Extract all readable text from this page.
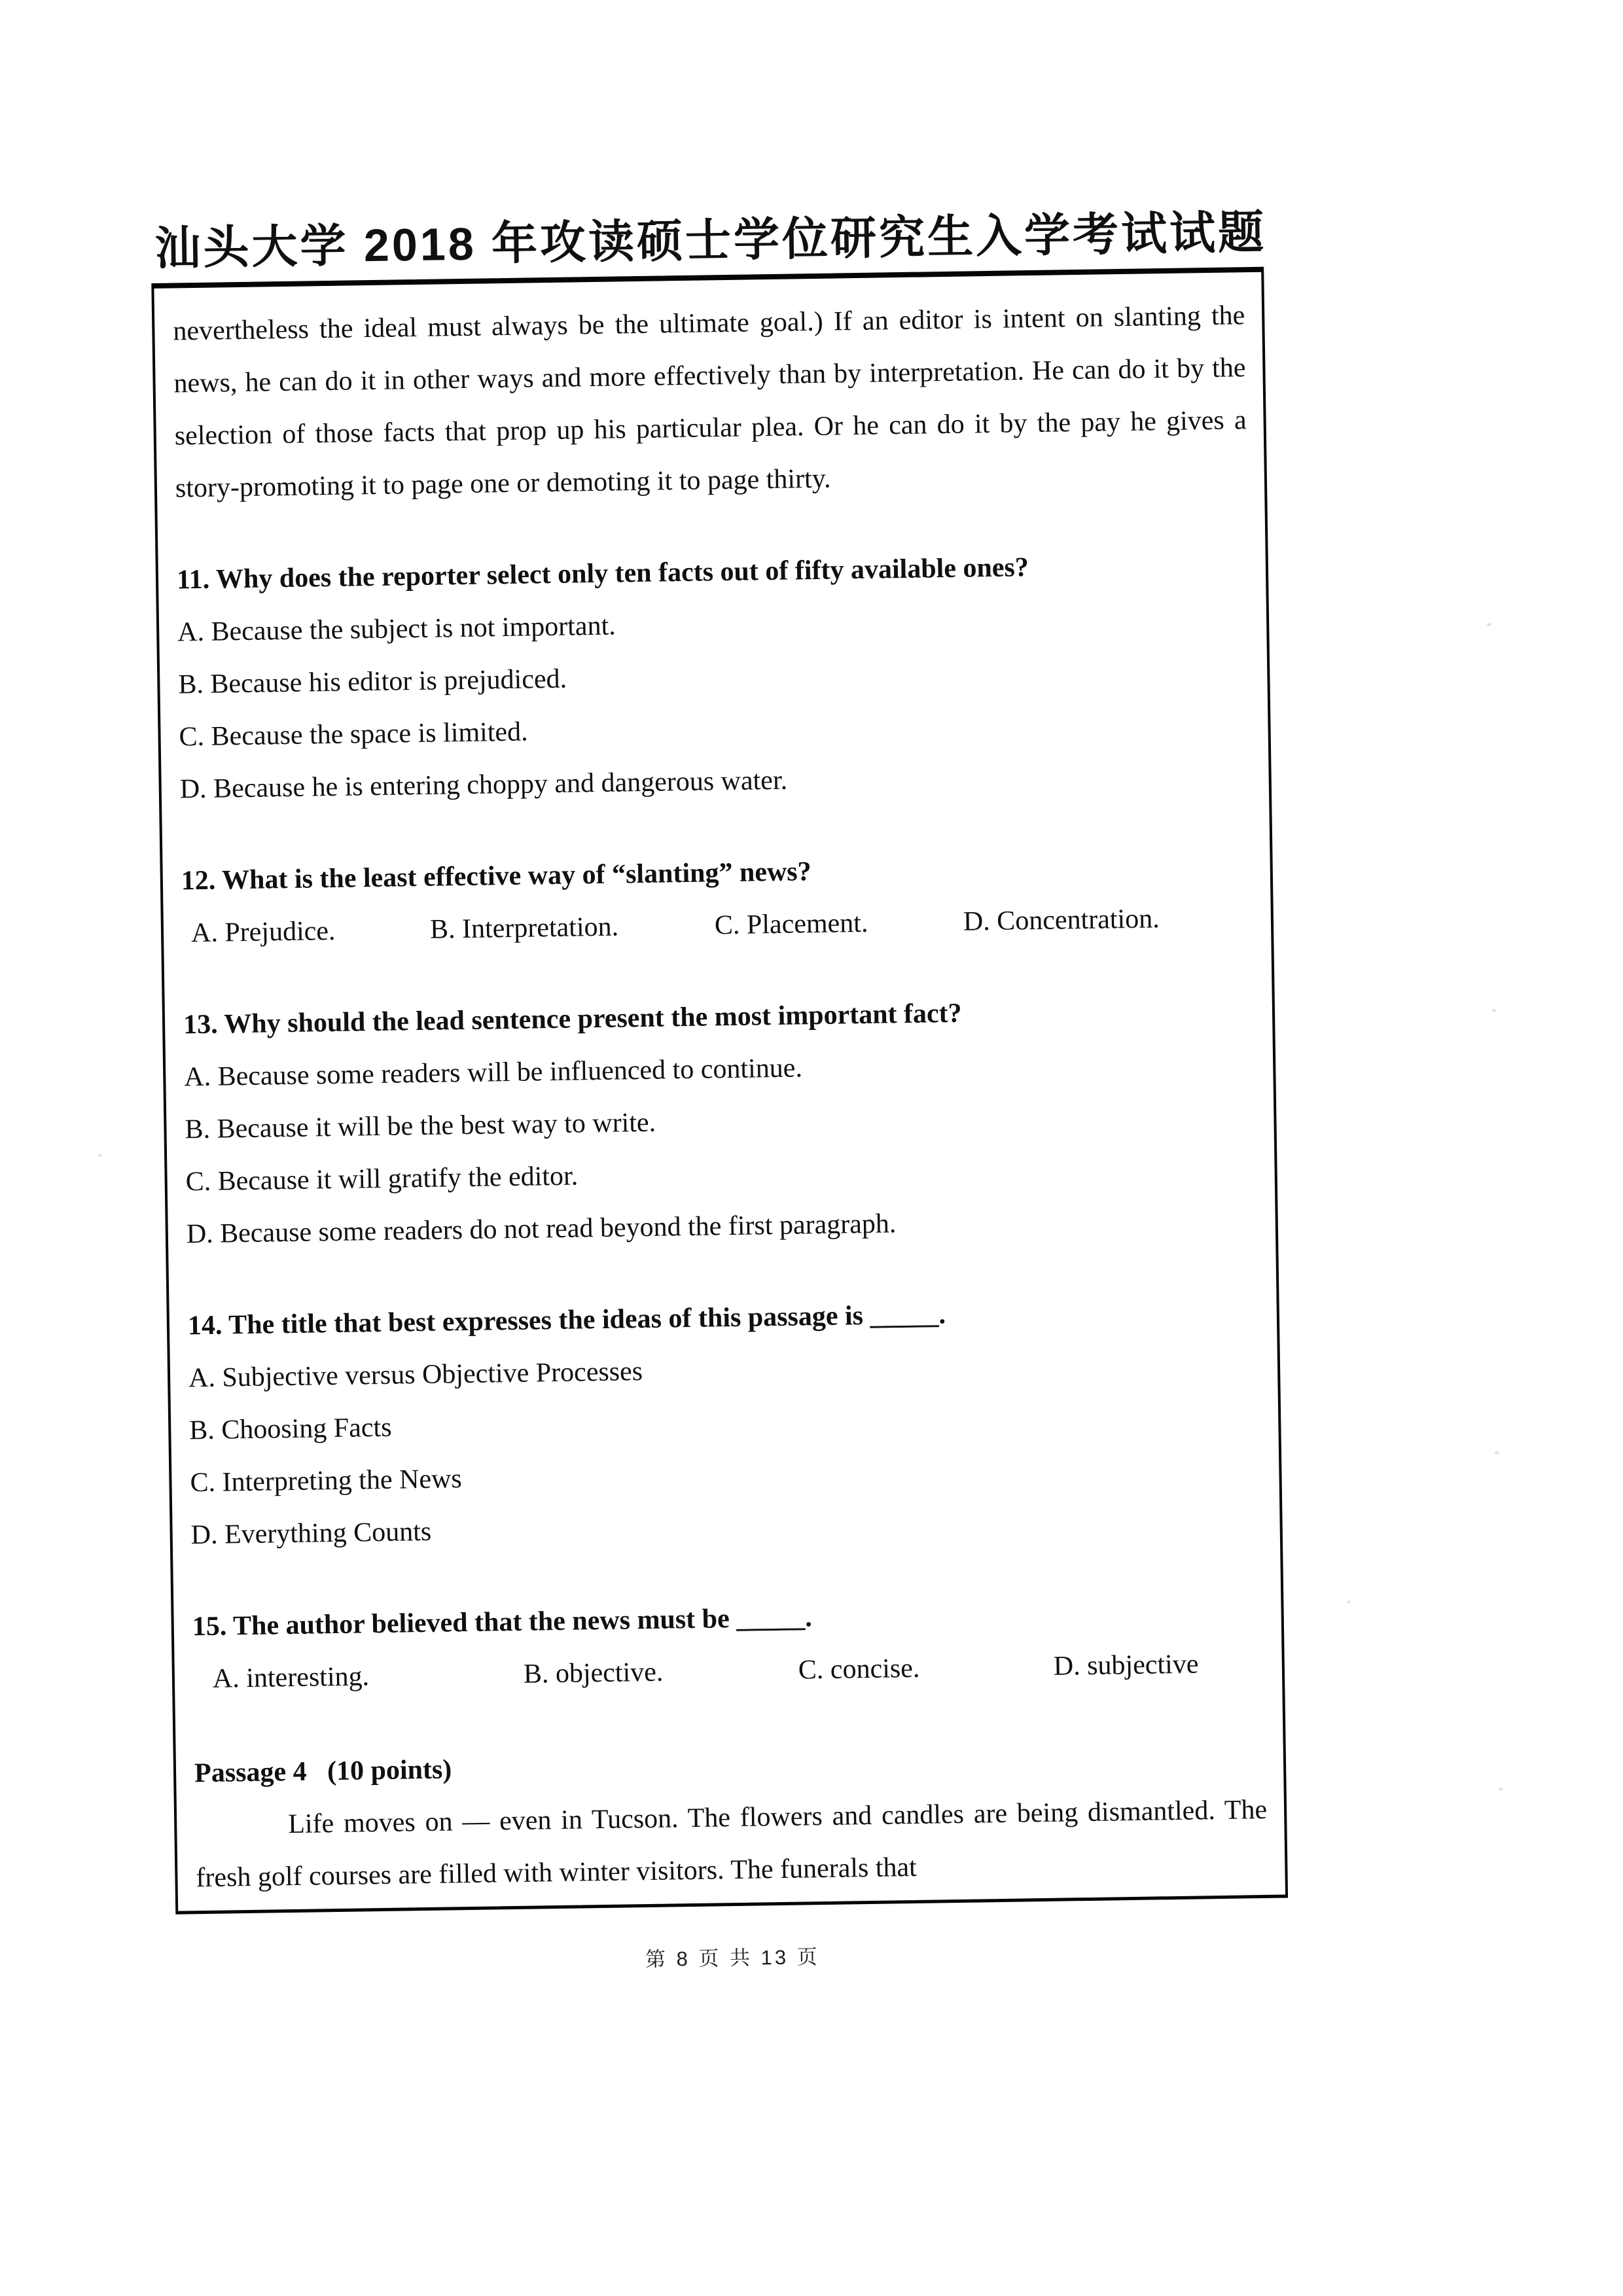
汕头大学 2018 年攻读硕士学位研究生入学考试试题

nevertheless the ideal must always be the ultimate goal.) If an editor is intent on slanting the news, he can do it in other ways and more effectively than by interpretation. He can do it by the selection of those facts that prop up his particular plea. Or he can do it by the pay he gives a story-promoting it to page one or demoting it to page thirty.

11. Why does the reporter select only ten facts out of fifty available ones?
A. Because the subject is not important.
B. Because his editor is prejudiced.
C. Because the space is limited.
D. Because he is entering choppy and dangerous water.
12. What is the least effective way of “slanting” news?
A. Prejudice.	B. Interpretation.	C. Placement.	D. Concentration.
13. Why should the lead sentence present the most important fact?
A. Because some readers will be influenced to continue.
B. Because it will be the best way to write.
C. Because it will gratify the editor.
D. Because some readers do not read beyond the first paragraph.
14. The title that best expresses the ideas of this passage is _____.
A. Subjective versus Objective Processes
B. Choosing Facts
C. Interpreting the News
D. Everything Counts
15. The author believed that the news must be _____.
A. interesting.	B. objective.	C. concise.	D. subjective
Passage 4   (10 points)

Life moves on — even in Tucson. The flowers and candles are being dismantled. The fresh golf courses are filled with winter visitors. The funerals that

第 8 页 共 13 页
